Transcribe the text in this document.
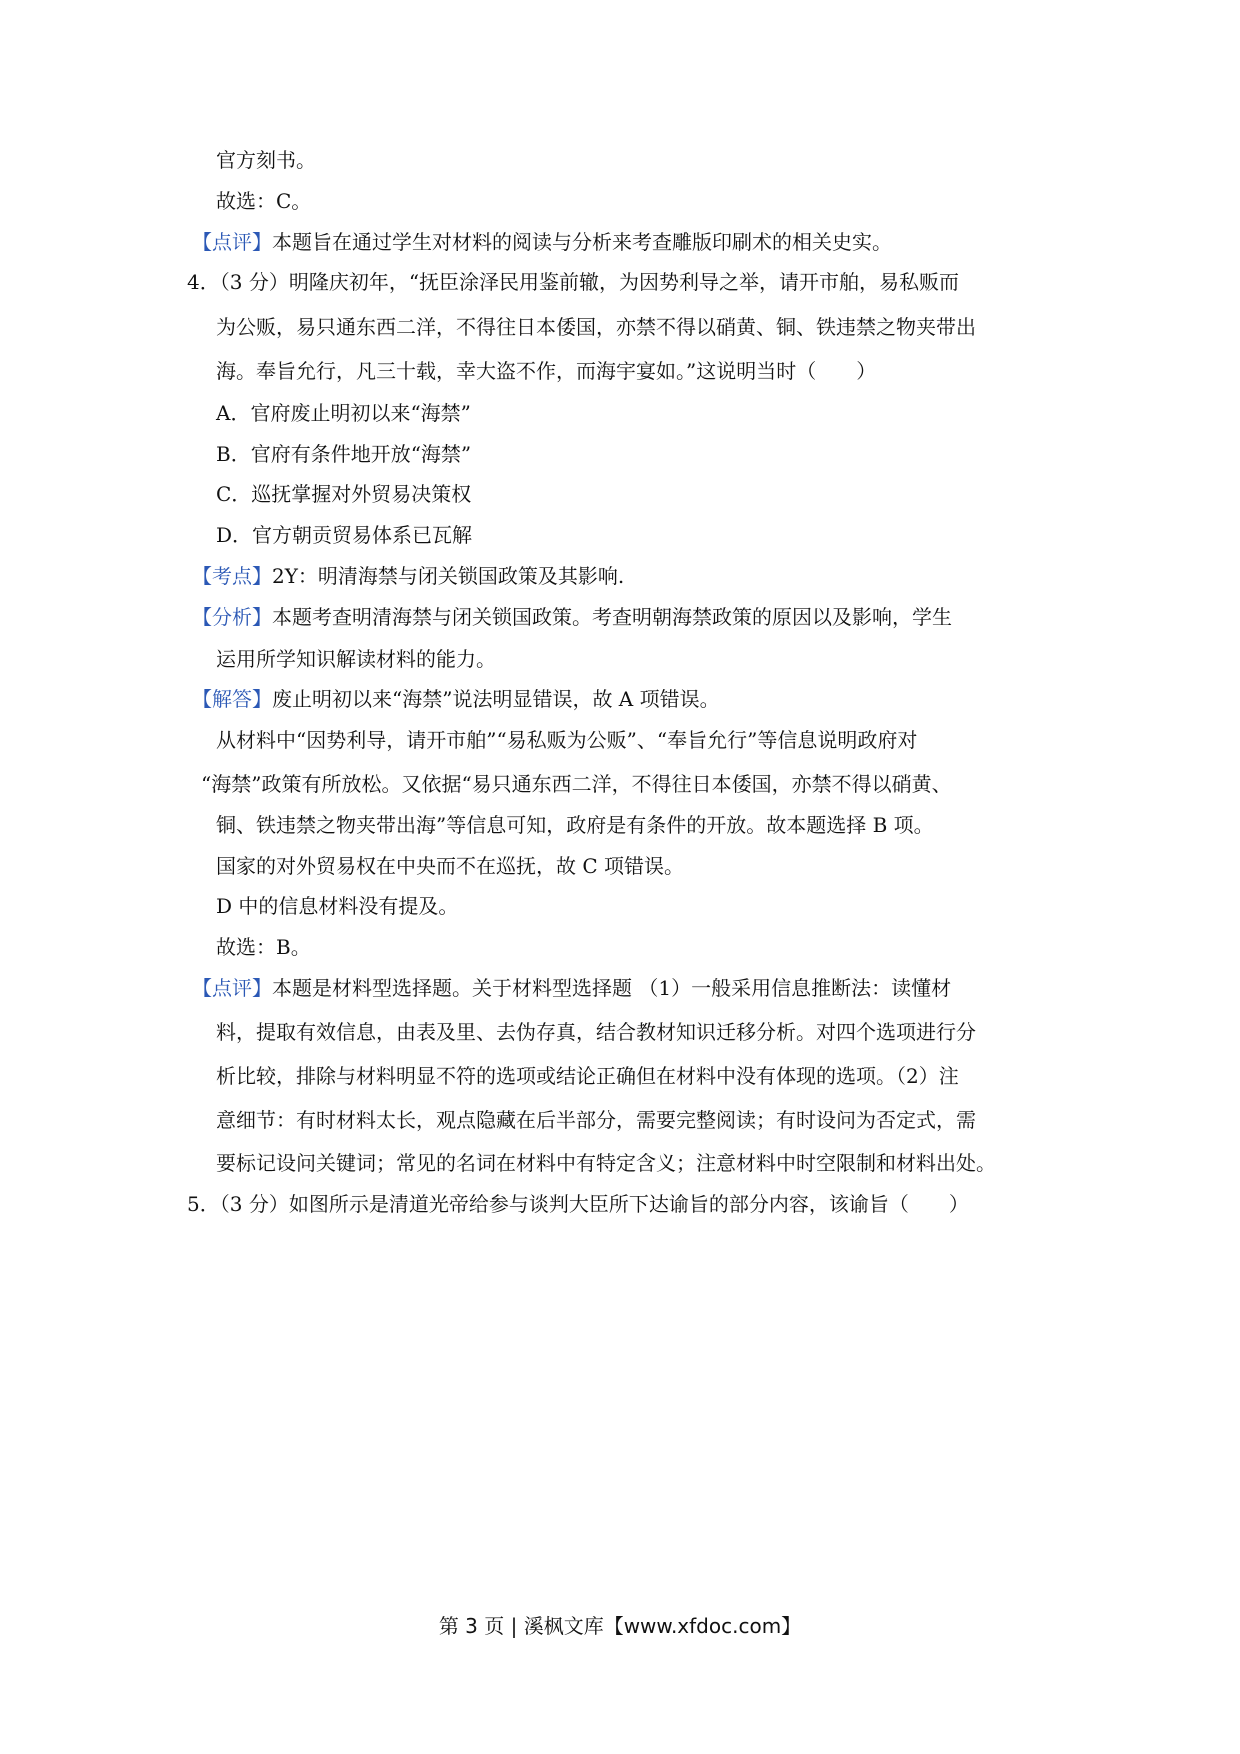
官方刻书。
故选：C。
【点评】本题旨在通过学生对材料的阅读与分析来考查雕版印刷术的相关史实。
4．（3 分）明隆庆初年，“抚臣涂泽民用鉴前辙，为因势利导之举，请开市舶，易私贩而
为公贩，易只通东西二洋，不得往日本倭国，亦禁不得以硝黄、铜、铁违禁之物夹带出
海。奉旨允行，凡三十载，幸大盗不作，而海宇宴如。”这说明当时（　　）
A．官府废止明初以来“海禁”
B．官府有条件地开放“海禁”
C．巡抚掌握对外贸易决策权
D．官方朝贡贸易体系已瓦解
【考点】2Y：明清海禁与闭关锁国政策及其影响.
【分析】本题考查明清海禁与闭关锁国政策。考查明朝海禁政策的原因以及影响，学生
运用所学知识解读材料的能力。
【解答】废止明初以来“海禁”说法明显错误，故 A 项错误。
从材料中“因势利导，请开市舶”“易私贩为公贩”、“奉旨允行”等信息说明政府对
“海禁”政策有所放松。又依据“易只通东西二洋，不得往日本倭国，亦禁不得以硝黄、
铜、铁违禁之物夹带出海”等信息可知，政府是有条件的开放。故本题选择 B 项。
国家的对外贸易权在中央而不在巡抚，故 C 项错误。
D 中的信息材料没有提及。
故选：B。
【点评】本题是材料型选择题。关于材料型选择题 （1）一般采用信息推断法：读懂材
料，提取有效信息，由表及里、去伪存真，结合教材知识迁移分析。对四个选项进行分
析比较，排除与材料明显不符的选项或结论正确但在材料中没有体现的选项。（2）注
意细节：有时材料太长，观点隐藏在后半部分，需要完整阅读；有时设问为否定式，需
要标记设问关键词；常见的名词在材料中有特定含义；注意材料中时空限制和材料出处。
5．（3 分）如图所示是清道光帝给参与谈判大臣所下达谕旨的部分内容，该谕旨（　　）
第 3 页 | 溪枫文库【www.xfdoc.com】
